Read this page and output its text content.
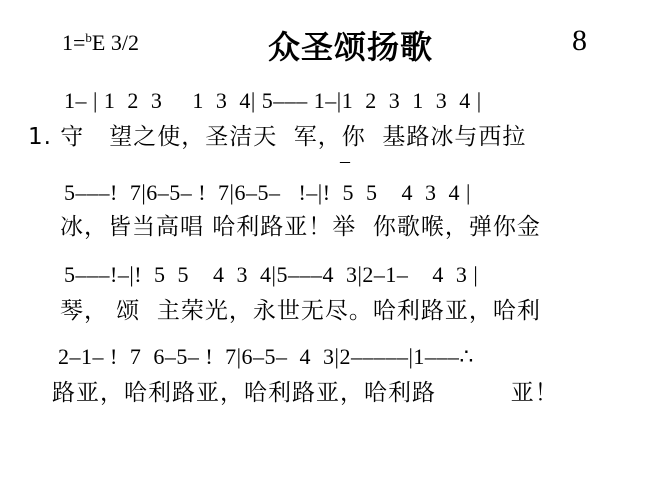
1=$^b$E 3/2	众圣颂扬歌	8
1– | 1  2  3     1  3  4| 5––– 1–|1  2  3  1  3  4 |
1. 守   望之使，圣洁天  军，你  基路冰与西拉
–
5–––!  7|6–5– !  7|6–5–   !–|!  5  5    4  3  4 |
冰，皆当高唱 哈利路亚！举  你歌喉，弹你金
5–––!–|!  5  5    4  3  4|5–––4  3|2–1–    4  3 |
琴， 颂  主荣光，永世无尽。哈利路亚，哈利
2–1– !  7  6–5– !  7|6–5–  4  3|2–––––|1–––∴
路亚，哈利路亚，哈利路亚，哈利路         亚！
